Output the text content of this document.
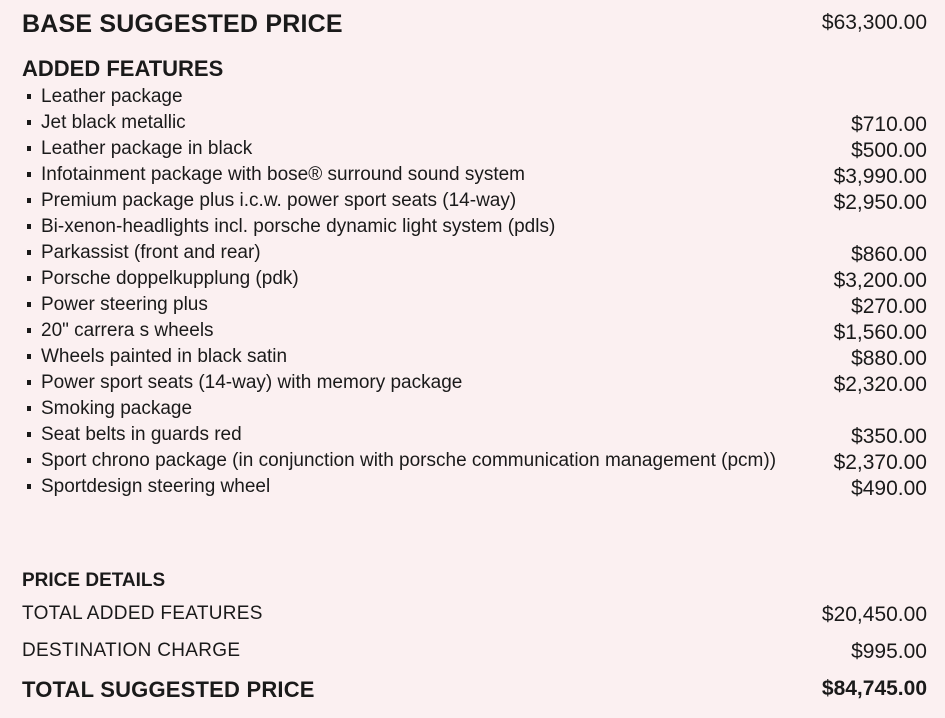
BASE SUGGESTED PRICE	$63,300.00
ADDED FEATURES
Leather package
Jet black metallic	$710.00
Leather package in black	$500.00
Infotainment package with bose® surround sound system	$3,990.00
Premium package plus i.c.w. power sport seats (14-way)	$2,950.00
Bi-xenon-headlights incl. porsche dynamic light system (pdls)
Parkassist (front and rear)	$860.00
Porsche doppelkupplung (pdk)	$3,200.00
Power steering plus	$270.00
20" carrera s wheels	$1,560.00
Wheels painted in black satin	$880.00
Power sport seats (14-way) with memory package	$2,320.00
Smoking package
Seat belts in guards red	$350.00
Sport chrono package (in conjunction with porsche communication management (pcm))	$2,370.00
Sportdesign steering wheel	$490.00
PRICE DETAILS
TOTAL ADDED FEATURES	$20,450.00
DESTINATION CHARGE	$995.00
TOTAL SUGGESTED PRICE	$84,745.00
